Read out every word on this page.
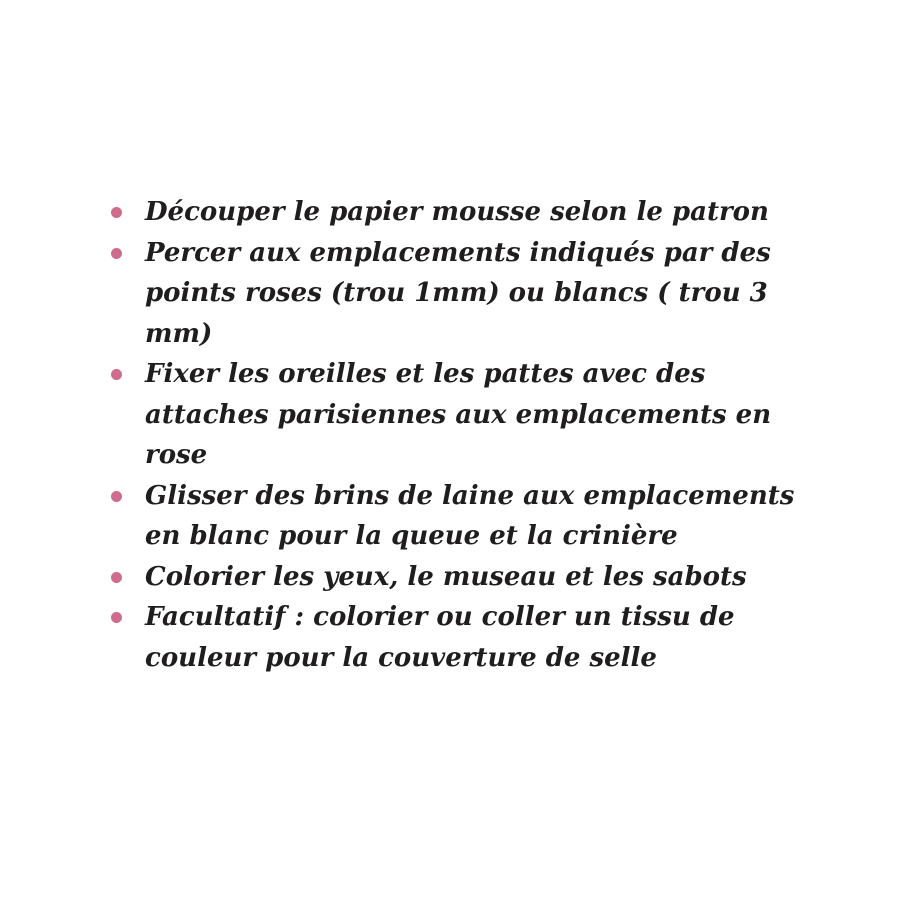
Découper le papier mousse selon le patron
Percer aux emplacements indiqués par des points roses (trou 1mm) ou blancs ( trou 3 mm)
Fixer les oreilles et les pattes avec des attaches parisiennes aux emplacements en rose
Glisser des brins de laine aux emplacements en blanc pour la queue et la crinière
Colorier les yeux, le museau et les sabots
Facultatif : colorier ou coller un tissu de couleur pour la couverture de selle
